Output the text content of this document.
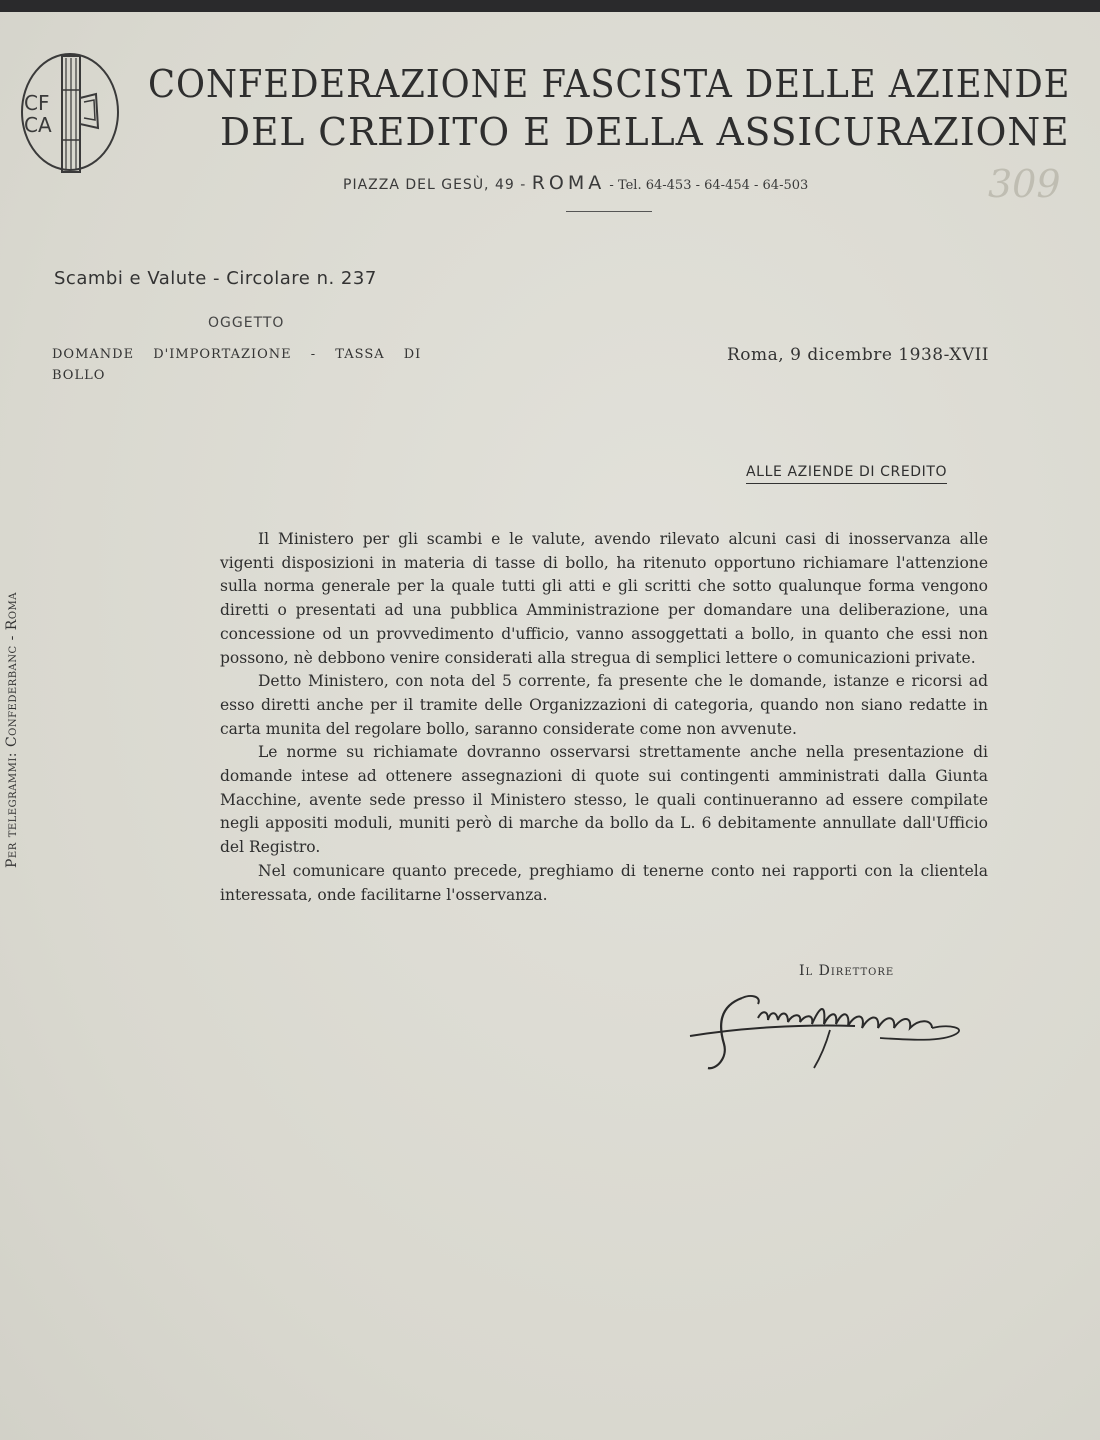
CF
CA
CONFEDERAZIONE FASCISTA DELLE AZIENDE
DEL CREDITO E DELLA ASSICURAZIONE
PIAZZA DEL GESÙ, 49 - ROMA - Tel. 64-453 - 64-454 - 64-503	309
Scambi e Valute - Circolare n. 237
OGGETTO
DOMANDE D'IMPORTAZIONE - TASSA DI BOLLO
Roma, 9 dicembre 1938-XVII
ALLE AZIENDE DI CREDITO

Il Ministero per gli scambi e le valute, avendo rilevato alcuni casi di inosservanza alle vigenti disposizioni in materia di tasse di bollo, ha ritenuto opportuno richiamare l'attenzione sulla norma generale per la quale tutti gli atti e gli scritti che sotto qualunque forma vengono diretti o presentati ad una pubblica Amministrazione per domandare una deliberazione, una concessione od un provvedimento d'ufficio, vanno assoggettati a bollo, in quanto che essi non possono, nè debbono venire considerati alla stregua di semplici lettere o comunicazioni private.

Detto Ministero, con nota del 5 corrente, fa presente che le domande, istanze e ricorsi ad esso diretti anche per il tramite delle Organizzazioni di categoria, quando non siano redatte in carta munita del regolare bollo, saranno considerate come non avvenute.

Le norme su richiamate dovranno osservarsi strettamente anche nella presentazione di domande intese ad ottenere assegnazioni di quote sui contingenti amministrati dalla Giunta Macchine, avente sede presso il Ministero stesso, le quali continueranno ad essere compilate negli appositi moduli, muniti però di marche da bollo da L. 6 debitamente annullate dall'Ufficio del Registro.

Nel comunicare quanto precede, preghiamo di tenerne conto nei rapporti con la clientela interessata, onde facilitarne l'osservanza.

Il Direttore
Per telegrammi: Confederbanc - Roma
